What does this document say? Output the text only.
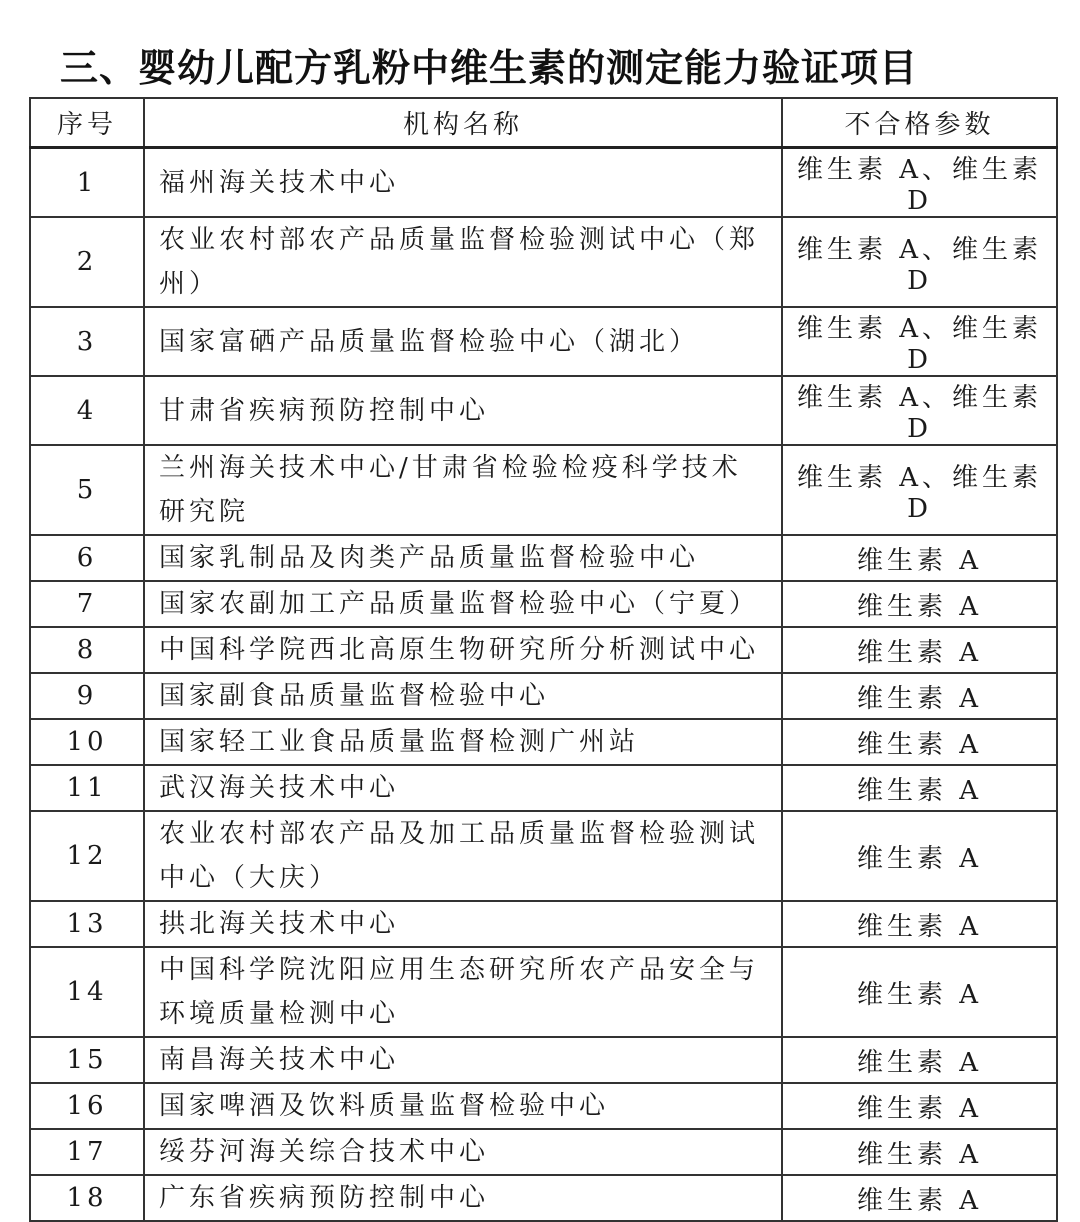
三、婴幼儿配方乳粉中维生素的测定能力验证项目
序号	机构名称	不合格参数
1	福州海关技术中心	维生素 A、维生素 D
2	农业农村部农产品质量监督检验测试中心（郑州）	维生素 A、维生素 D
3	国家富硒产品质量监督检验中心（湖北）	维生素 A、维生素 D
4	甘肃省疾病预防控制中心	维生素 A、维生素 D
5	兰州海关技术中心/甘肃省检验检疫科学技术研究院	维生素 A、维生素 D
6	国家乳制品及肉类产品质量监督检验中心	维生素 A
7	国家农副加工产品质量监督检验中心（宁夏）	维生素 A
8	中国科学院西北高原生物研究所分析测试中心	维生素 A
9	国家副食品质量监督检验中心	维生素 A
10	国家轻工业食品质量监督检测广州站	维生素 A
11	武汉海关技术中心	维生素 A
12	农业农村部农产品及加工品质量监督检验测试中心（大庆）	维生素 A
13	拱北海关技术中心	维生素 A
14	中国科学院沈阳应用生态研究所农产品安全与环境质量检测中心	维生素 A
15	南昌海关技术中心	维生素 A
16	国家啤酒及饮料质量监督检验中心	维生素 A
17	绥芬河海关综合技术中心	维生素 A
18	广东省疾病预防控制中心	维生素 A
